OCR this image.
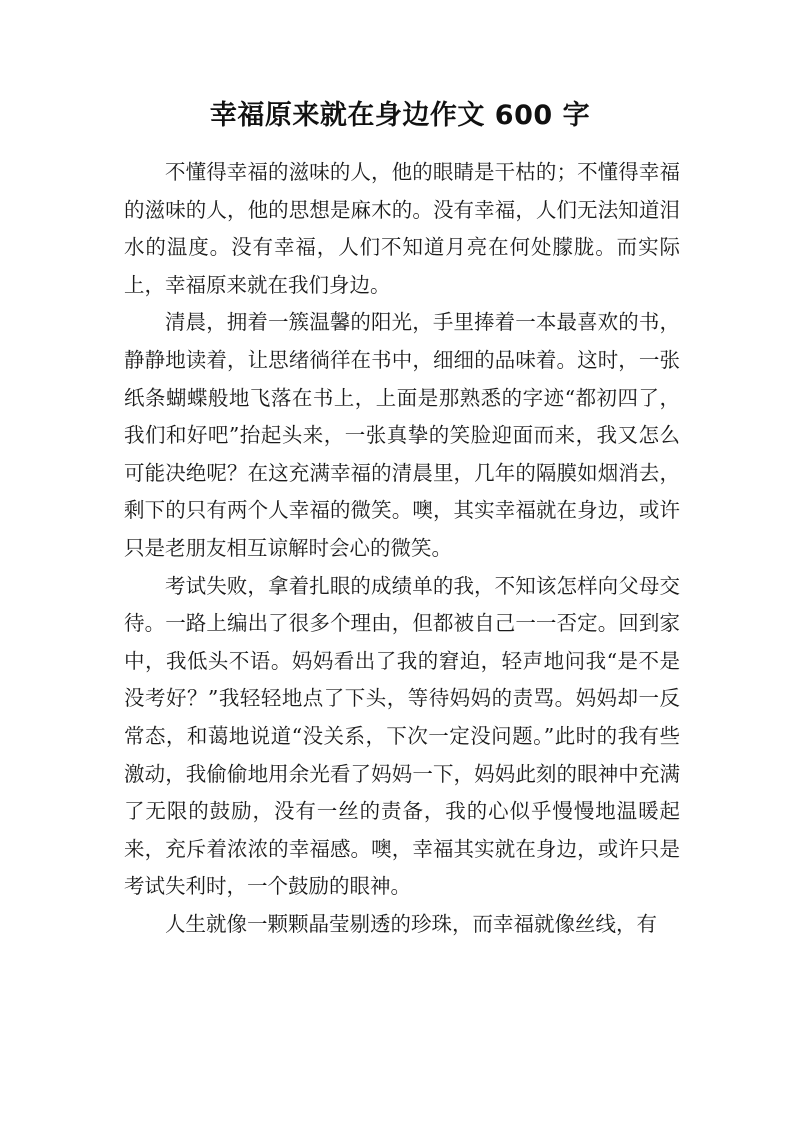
幸福原来就在身边作文 600 字

不懂得幸福的滋味的人，他的眼睛是干枯的；不懂得幸福的滋味的人，他的思想是麻木的。没有幸福，人们无法知道泪水的温度。没有幸福，人们不知道月亮在何处朦胧。而实际上，幸福原来就在我们身边。

清晨，拥着一簇温馨的阳光，手里捧着一本最喜欢的书，静静地读着，让思绪徜徉在书中，细细的品味着。这时，一张纸条蝴蝶般地飞落在书上，上面是那熟悉的字迹“都初四了，我们和好吧”抬起头来，一张真挚的笑脸迎面而来，我又怎么可能决绝呢？在这充满幸福的清晨里，几年的隔膜如烟消去，剩下的只有两个人幸福的微笑。噢，其实幸福就在身边，或许只是老朋友相互谅解时会心的微笑。

考试失败，拿着扎眼的成绩单的我，不知该怎样向父母交待。一路上编出了很多个理由，但都被自己一一否定。回到家中，我低头不语。妈妈看出了我的窘迫，轻声地问我“是不是没考好？”我轻轻地点了下头，等待妈妈的责骂。妈妈却一反常态，和蔼地说道“没关系，下次一定没问题。”此时的我有些激动，我偷偷地用余光看了妈妈一下，妈妈此刻的眼神中充满了无限的鼓励，没有一丝的责备，我的心似乎慢慢地温暖起来，充斥着浓浓的幸福感。噢，幸福其实就在身边，或许只是考试失利时，一个鼓励的眼神。

人生就像一颗颗晶莹剔透的珍珠，而幸福就像丝线，有
